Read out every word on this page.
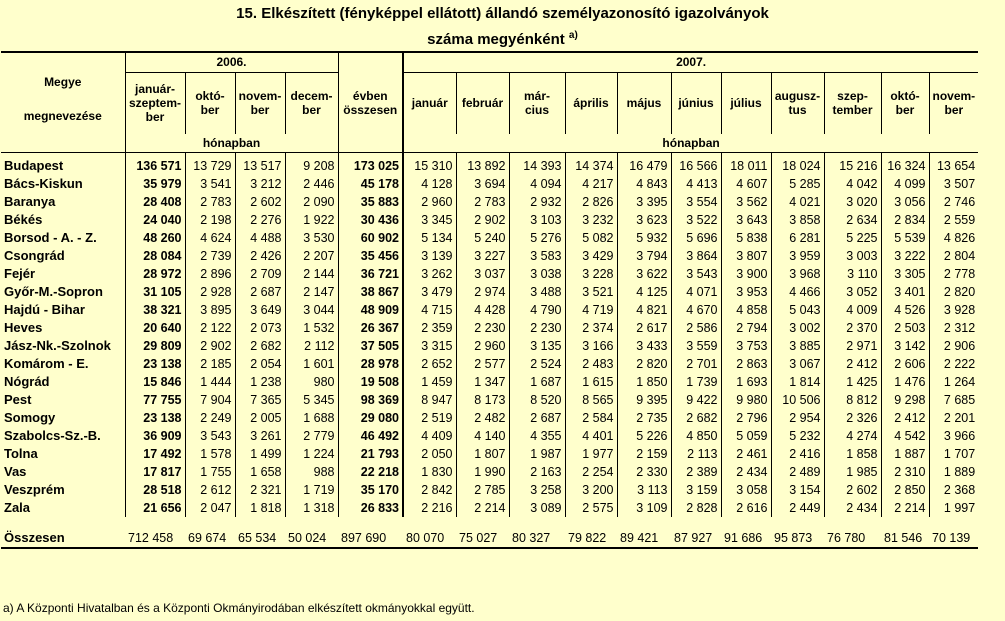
15. Elkészített (fényképpel ellátott) állandó személyazonosító igazolványok
száma megyénként $^{a)}$
Megye
megnevezése	2006.					2007.										
	január-
szeptem-
ber	októ-
ber	novem-
ber	decem-
ber	évben
összesen	január	február	már-
cius	április	május	június	július	augusz-
tus	szep-
tember	októ-
ber	novem-
ber
	hónapban					hónapban										

Budapest	136 571	13 729	13 517	9 208	173 025	15 310	13 892	14 393	14 374	16 479	16 566	18 011	18 024	15 216	16 324	13 654
Bács-Kiskun	35 979	3 541	3 212	2 446	45 178	4 128	3 694	4 094	4 217	4 843	4 413	4 607	5 285	4 042	4 099	3 507
Baranya	28 408	2 783	2 602	2 090	35 883	2 960	2 783	2 932	2 826	3 395	3 554	3 562	4 021	3 020	3 056	2 746
Békés	24 040	2 198	2 276	1 922	30 436	3 345	2 902	3 103	3 232	3 623	3 522	3 643	3 858	2 634	2 834	2 559
Borsod - A. - Z.	48 260	4 624	4 488	3 530	60 902	5 134	5 240	5 276	5 082	5 932	5 696	5 838	6 281	5 225	5 539	4 826
Csongrád	28 084	2 739	2 426	2 207	35 456	3 139	3 227	3 583	3 429	3 794	3 864	3 807	3 959	3 003	3 222	2 804
Fejér	28 972	2 896	2 709	2 144	36 721	3 262	3 037	3 038	3 228	3 622	3 543	3 900	3 968	3 110	3 305	2 778
Győr-M.-Sopron	31 105	2 928	2 687	2 147	38 867	3 479	2 974	3 488	3 521	4 125	4 071	3 953	4 466	3 052	3 401	2 820
Hajdú - Bihar	38 321	3 895	3 649	3 044	48 909	4 715	4 428	4 790	4 719	4 821	4 670	4 858	5 043	4 009	4 526	3 928
Heves	20 640	2 122	2 073	1 532	26 367	2 359	2 230	2 230	2 374	2 617	2 586	2 794	3 002	2 370	2 503	2 312
Jász-Nk.-Szolnok	29 809	2 902	2 682	2 112	37 505	3 315	2 960	3 135	3 166	3 433	3 559	3 753	3 885	2 971	3 142	2 906
Komárom - E.	23 138	2 185	2 054	1 601	28 978	2 652	2 577	2 524	2 483	2 820	2 701	2 863	3 067	2 412	2 606	2 222
Nógrád	15 846	1 444	1 238	980	19 508	1 459	1 347	1 687	1 615	1 850	1 739	1 693	1 814	1 425	1 476	1 264
Pest	77 755	7 904	7 365	5 345	98 369	8 947	8 173	8 520	8 565	9 395	9 422	9 980	10 506	8 812	9 298	7 685
Somogy	23 138	2 249	2 005	1 688	29 080	2 519	2 482	2 687	2 584	2 735	2 682	2 796	2 954	2 326	2 412	2 201
Szabolcs-Sz.-B.	36 909	3 543	3 261	2 779	46 492	4 409	4 140	4 355	4 401	5 226	4 850	5 059	5 232	4 274	4 542	3 966
Tolna	17 492	1 578	1 499	1 224	21 793	2 050	1 807	1 987	1 977	2 159	2 113	2 461	2 416	1 858	1 887	1 707
Vas	17 817	1 755	1 658	988	22 218	1 830	1 990	2 163	2 254	2 330	2 389	2 434	2 489	1 985	2 310	1 889
Veszprém	28 518	2 612	2 321	1 719	35 170	2 842	2 785	3 258	3 200	3 113	3 159	3 058	3 154	2 602	2 850	2 368
Zala	21 656	2 047	1 818	1 318	26 833	2 216	2 214	3 089	2 575	3 109	2 828	2 616	2 449	2 434	2 214	1 997
Összesen	712 458	69 674	65 534	50 024	897 690	80 070	75 027	80 327	79 822	89 421	87 927	91 686	95 873	76 780	81 546	70 139
a) A Központi Hivatalban és a Központi Okmányirodában elkészített okmányokkal együtt.
